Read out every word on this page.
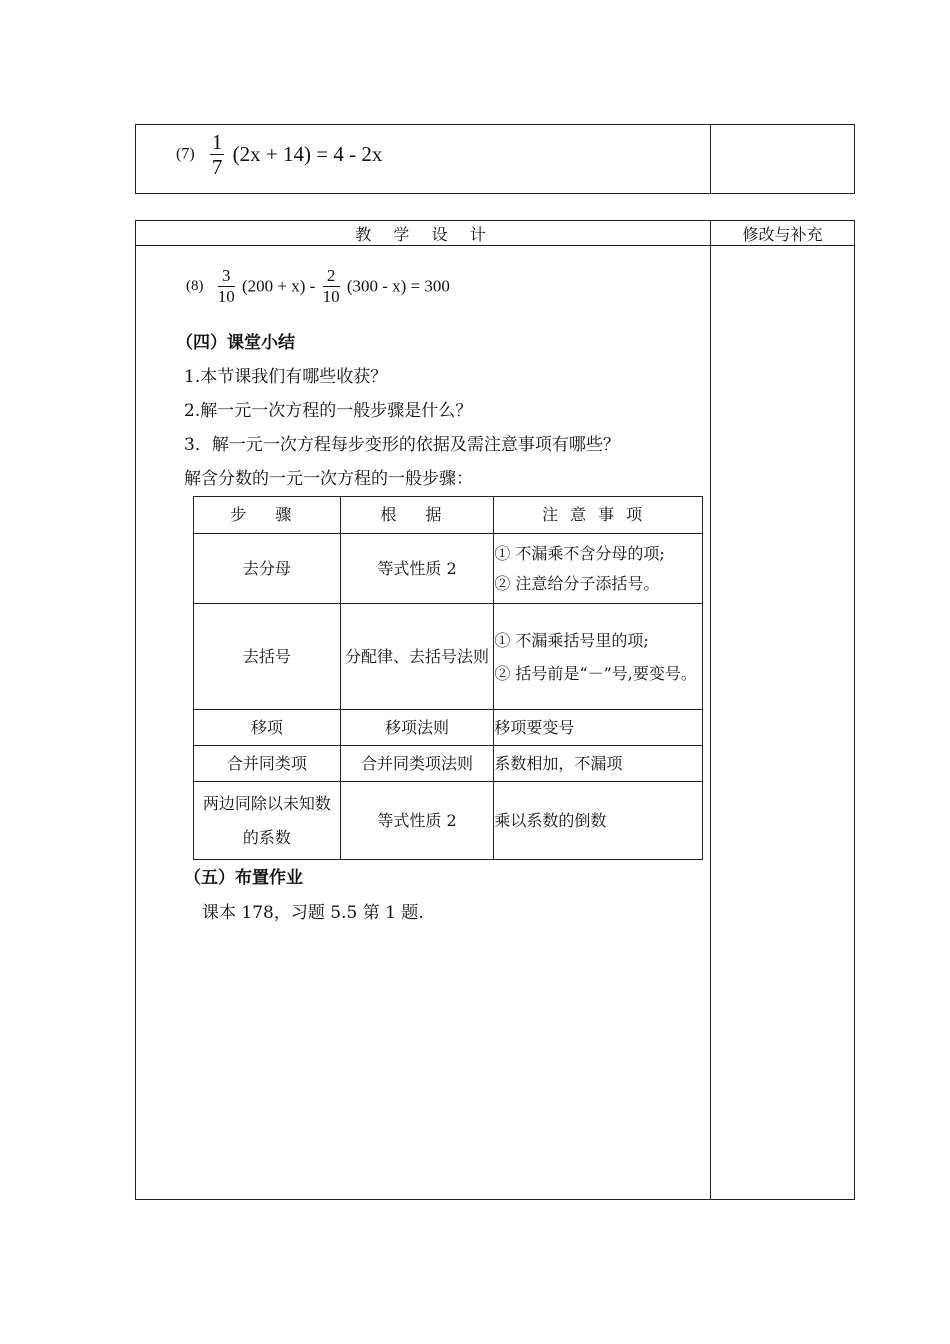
$(7) \frac{1}{7} (2x + 14) = 4 - 2x$
教  学  设  计	修改与补充
$(8) \frac{3}{10} (200 + x) - \frac{2}{10} (300 - x) = 300$
（四）课堂小结
1.本节课我们有哪些收获？
2.解一元一次方程的一般步骤是什么？
3．解一元一次方程每步变形的依据及需注意事项有哪些？
解含分数的一元一次方程的一般步骤：
步 骤	根 据	注意事项
去分母	等式性质 2	① 不漏乘不含分母的项;
② 注意给分子添括号。

去括号	分配律、去括号法则	① 不漏乘括号里的项;
② 括号前是“－”号,要变号。

移项	移项法则	移项要变号
合并同类项	合并同类项法则	系数相加，不漏项
两边同除以未知数的系数	等式性质 2	乘以系数的倒数
（五）布置作业
课本 178，习题 5.5 第 1 题.
